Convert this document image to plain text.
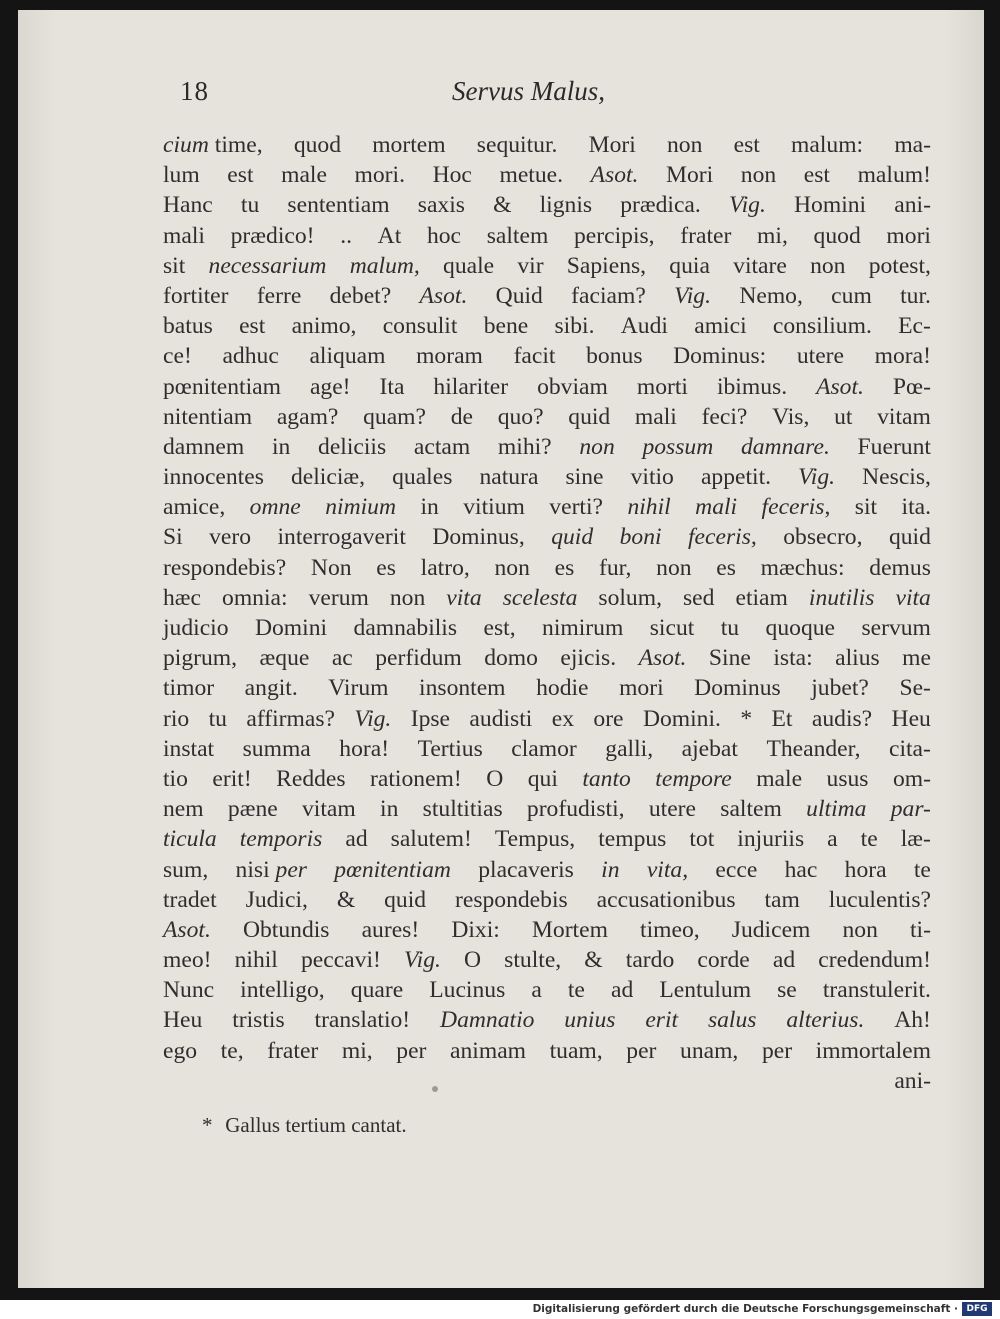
18	Servus Malus,
cium time, quod mortem sequitur. Mori non est malum: ma-
lum est male mori. Hoc metue. Asot. Mori non est malum!
Hanc tu sententiam saxis & lignis prædica. Vig. Homini ani-
mali prædico! .. At hoc saltem percipis, frater mi, quod mori
sit necessarium malum, quale vir Sapiens, quia vitare non potest,
fortiter ferre debet? Asot. Quid faciam? Vig. Nemo, cum tur.
batus est animo, consulit bene sibi. Audi amici consilium. Ec-
ce! adhuc aliquam moram facit bonus Dominus: utere mora!
pœnitentiam age! Ita hilariter obviam morti ibimus. Asot. Pœ-
nitentiam agam? quam? de quo? quid mali feci? Vis, ut vitam
damnem in deliciis actam mihi? non possum damnare. Fuerunt
innocentes deliciæ, quales natura sine vitio appetit. Vig. Nescis,
amice, omne nimium in vitium verti? nihil mali feceris, sit ita.
Si vero interrogaverit Dominus, quid boni feceris, obsecro, quid
respondebis? Non es latro, non es fur, non es mæchus: demus
hæc omnia: verum non vita scelesta solum, sed etiam inutilis vita
judicio Domini damnabilis est, nimirum sicut tu quoque servum
pigrum, æque ac perfidum domo ejicis. Asot. Sine ista: alius me
timor angit. Virum insontem hodie mori Dominus jubet? Se-
rio tu affirmas? Vig. Ipse audisti ex ore Domini. * Et audis? Heu
instat summa hora! Tertius clamor galli, ajebat Theander, cita-
tio erit! Reddes rationem! O qui tanto tempore male usus om-
nem pæne vitam in stultitias profudisti, utere saltem ultima par-
ticula temporis ad salutem! Tempus, tempus tot injuriis a te læ-
sum, nisi per pœnitentiam placaveris in vita, ecce hac hora te
tradet Judici, & quid respondebis accusationibus tam luculentis?
Asot. Obtundis aures! Dixi: Mortem timeo, Judicem non ti-
meo! nihil peccavi! Vig. O stulte, & tardo corde ad credendum!
Nunc intelligo, quare Lucinus a te ad Lentulum se transtulerit.
Heu tristis translatio! Damnatio unius erit salus alterius. Ah!
ego te, frater mi, per animam tuam, per unam, per immortalem
ani-
* Gallus tertium cantat.
Digitalisierung gefördert durch die Deutsche Forschungsgemeinschaft · DFG
